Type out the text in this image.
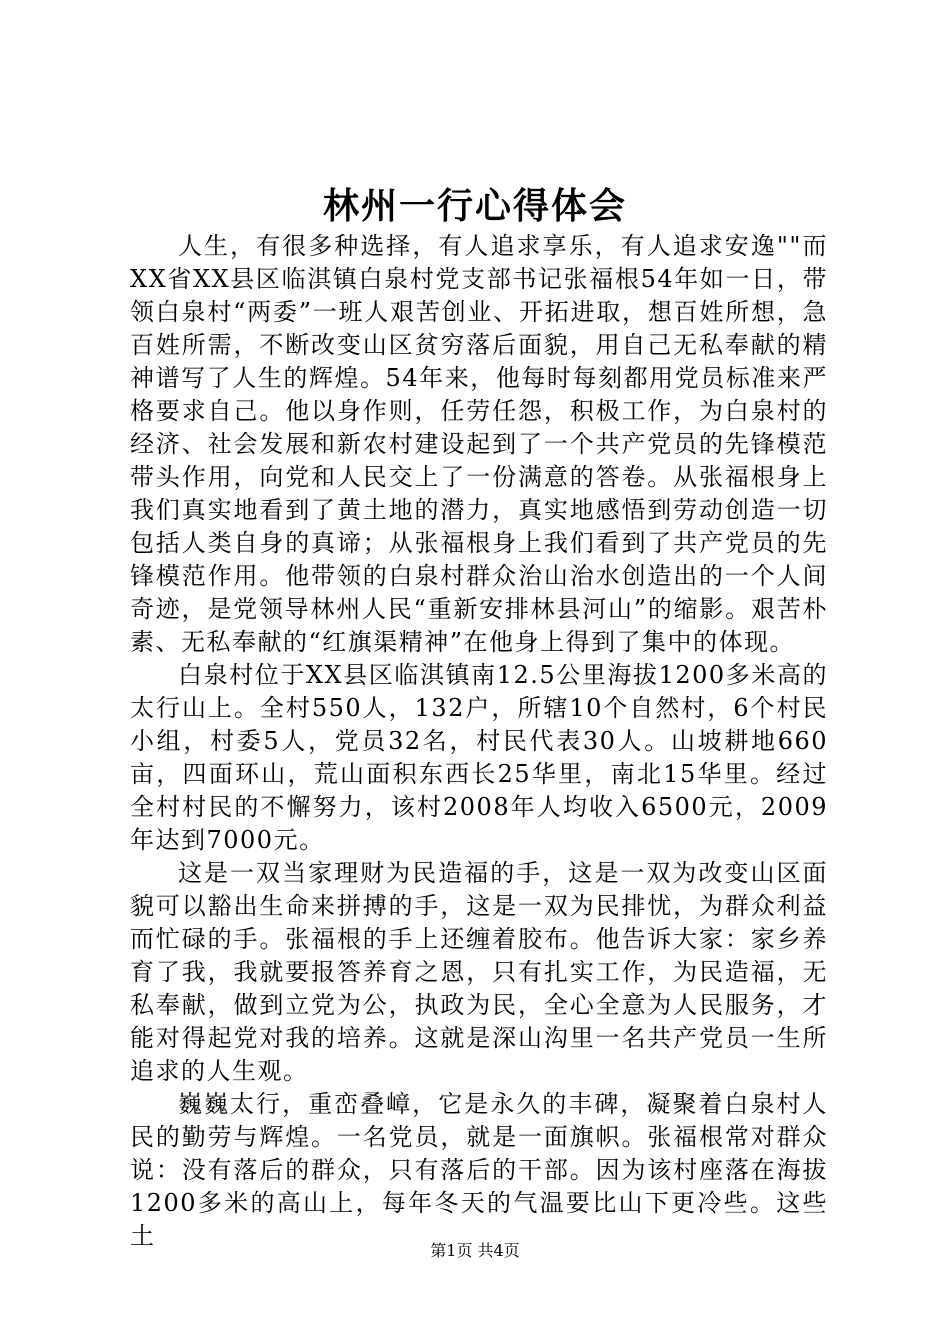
林州一行心得体会

人生，有很多种选择，有人追求享乐，有人追求安逸""而XX省XX县区临淇镇白泉村党支部书记张福根54年如一日，带领白泉村“两委”一班人艰苦创业、开拓进取，想百姓所想，急百姓所需，不断改变山区贫穷落后面貌，用自己无私奉献的精神谱写了人生的辉煌。54年来，他每时每刻都用党员标准来严格要求自己。他以身作则，任劳任怨，积极工作，为白泉村的经济、社会发展和新农村建设起到了一个共产党员的先锋模范带头作用，向党和人民交上了一份满意的答卷。从张福根身上我们真实地看到了黄土地的潜力，真实地感悟到劳动创造一切包括人类自身的真谛；从张福根身上我们看到了共产党员的先锋模范作用。他带领的白泉村群众治山治水创造出的一个人间奇迹，是党领导林州人民“重新安排林县河山”的缩影。艰苦朴素、无私奉献的“红旗渠精神”在他身上得到了集中的体现。

白泉村位于XX县区临淇镇南12.5公里海拔1200多米高的太行山上。全村550人，132户，所辖10个自然村，6个村民小组，村委5人，党员32名，村民代表30人。山坡耕地660亩，四面环山，荒山面积东西长25华里，南北15华里。经过全村村民的不懈努力，该村2008年人均收入6500元，2009年达到7000元。

这是一双当家理财为民造福的手，这是一双为改变山区面貌可以豁出生命来拼搏的手，这是一双为民排忧，为群众利益而忙碌的手。张福根的手上还缠着胶布。他告诉大家：家乡养育了我，我就要报答养育之恩，只有扎实工作，为民造福，无私奉献，做到立党为公，执政为民，全心全意为人民服务，才能对得起党对我的培养。这就是深山沟里一名共产党员一生所追求的人生观。

巍巍太行，重峦叠嶂，它是永久的丰碑，凝聚着白泉村人民的勤劳与辉煌。一名党员，就是一面旗帜。张福根常对群众说：没有落后的群众，只有落后的干部。因为该村座落在海拔1200多米的高山上，每年冬天的气温要比山下更冷些。这些土

第1页 共4页
